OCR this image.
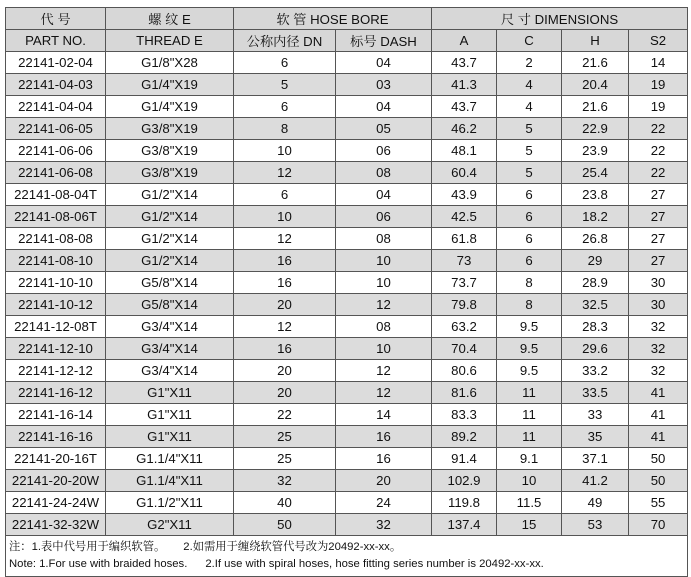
代 号	螺 纹 E	软 管 HOSE BORE		尺 寸 DIMENSIONS			
PART NO.	THREAD E	公称内径 DN	标号 DASH	A	C	H	S2
22141-02-04	G1/8"X28	6	04	43.7	2	21.6	14
22141-04-03	G1/4"X19	5	03	41.3	4	20.4	19
22141-04-04	G1/4"X19	6	04	43.7	4	21.6	19
22141-06-05	G3/8"X19	8	05	46.2	5	22.9	22
22141-06-06	G3/8"X19	10	06	48.1	5	23.9	22
22141-06-08	G3/8"X19	12	08	60.4	5	25.4	22
22141-08-04T	G1/2"X14	6	04	43.9	6	23.8	27
22141-08-06T	G1/2"X14	10	06	42.5	6	18.2	27
22141-08-08	G1/2"X14	12	08	61.8	6	26.8	27
22141-08-10	G1/2"X14	16	10	73	6	29	27
22141-10-10	G5/8"X14	16	10	73.7	8	28.9	30
22141-10-12	G5/8"X14	20	12	79.8	8	32.5	30
22141-12-08T	G3/4"X14	12	08	63.2	9.5	28.3	32
22141-12-10	G3/4"X14	16	10	70.4	9.5	29.6	32
22141-12-12	G3/4"X14	20	12	80.6	9.5	33.2	32
22141-16-12	G1"X11	20	12	81.6	11	33.5	41
22141-16-14	G1"X11	22	14	83.3	11	33	41
22141-16-16	G1"X11	25	16	89.2	11	35	41
22141-20-16T	G1.1/4"X11	25	16	91.4	9.1	37.1	50
22141-20-20W	G1.1/4"X11	32	20	102.9	10	41.2	50
22141-24-24W	G1.1/2"X11	40	24	119.8	11.5	49	55
22141-32-32W	G2"X11	50	32	137.4	15	53	70

注：1.表中代号用于编织软管。 2.如需用于缠绕软管代号改为20492-xx-xx。
Note: 1.For use with braided hoses. 2.If use with spiral hoses, hose fitting series number is 20492-xx-xx.							
